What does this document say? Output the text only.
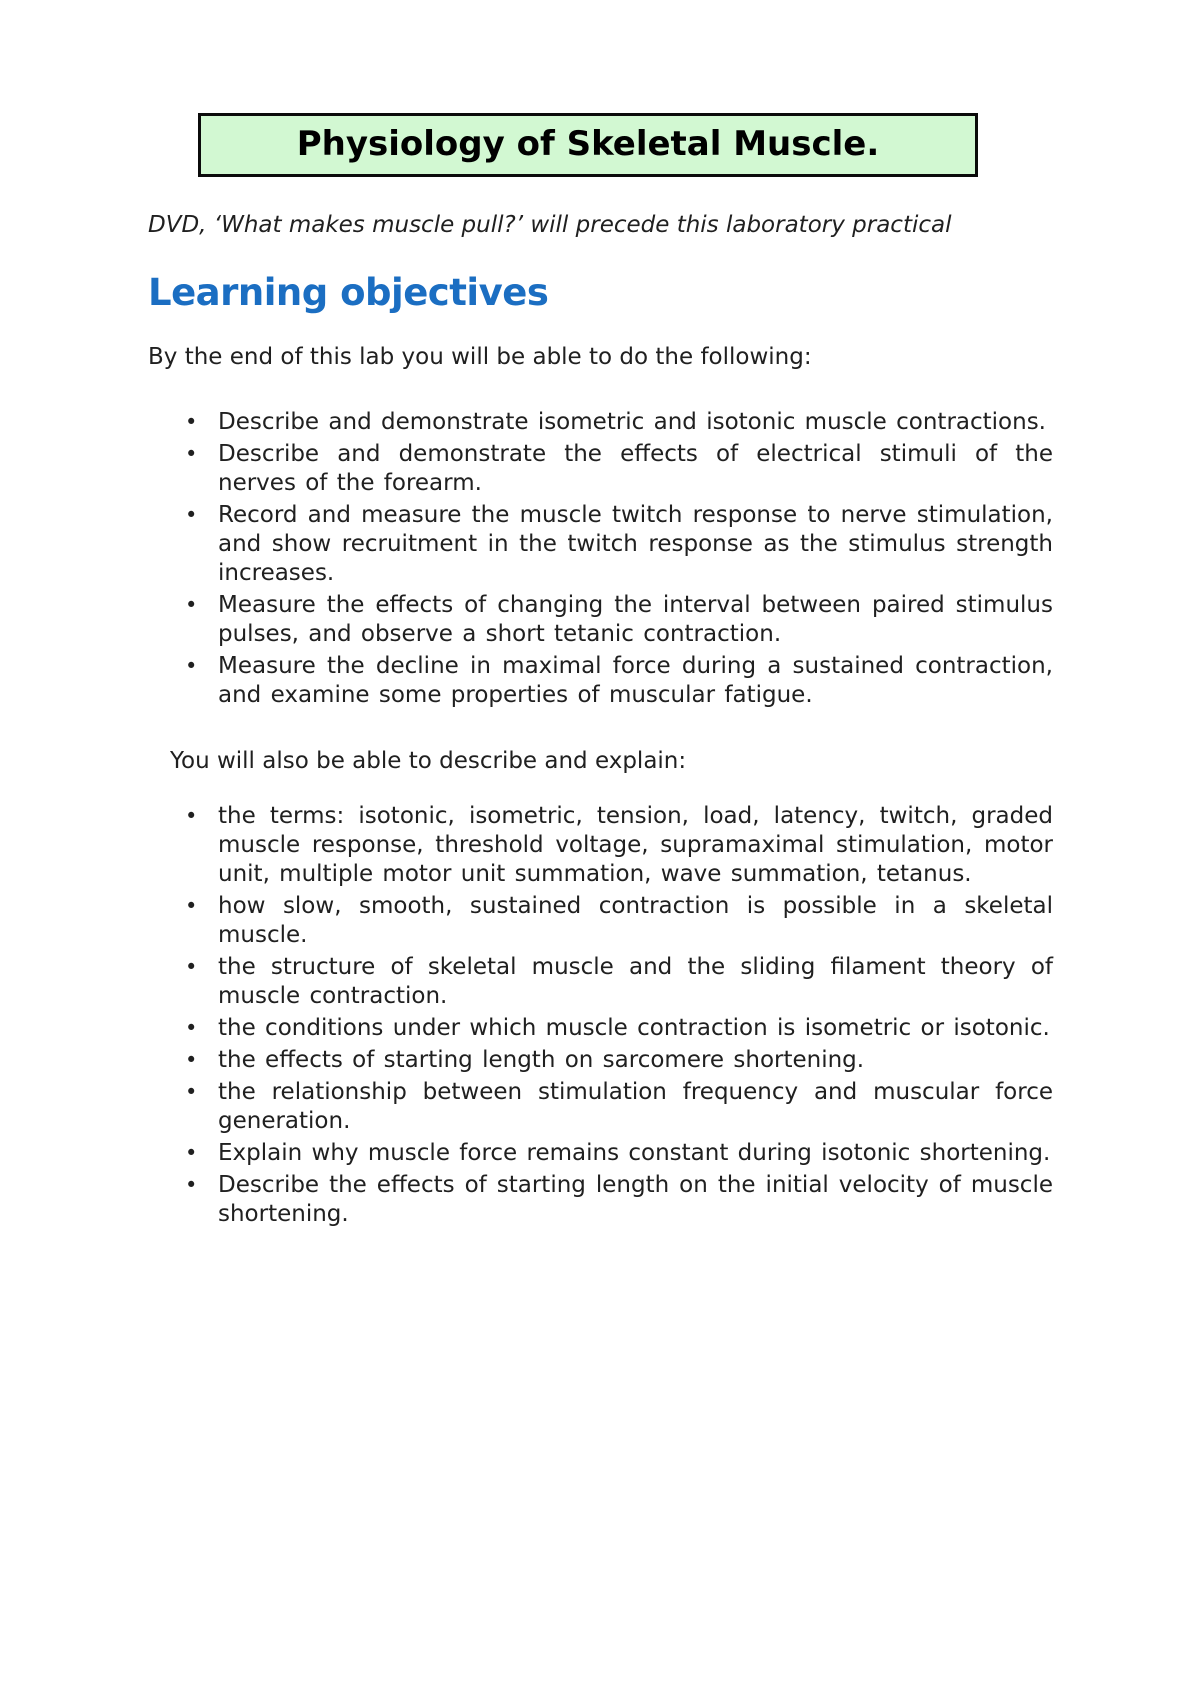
Physiology of Skeletal Muscle.

DVD, ‘What makes muscle pull?’ will precede this laboratory practical

Learning objectives

By the end of this lab you will be able to do the following:

• Describe and demonstrate isometric and isotonic muscle contractions.
• Describe and demonstrate the effects of electrical stimuli of the nerves of the forearm.
• Record and measure the muscle twitch response to nerve stimulation, and show recruitment in the twitch response as the stimulus strength increases.
• Measure the effects of changing the interval between paired stimulus pulses, and observe a short tetanic contraction.
• Measure the decline in maximal force during a sustained contraction, and examine some properties of muscular fatigue.

You will also be able to describe and explain:

• the terms: isotonic, isometric, tension, load, latency, twitch, graded muscle response, threshold voltage, supramaximal stimulation, motor unit, multiple motor unit summation, wave summation, tetanus.
• how slow, smooth, sustained contraction is possible in a skeletal muscle.
• the structure of skeletal muscle and the sliding filament theory of muscle contraction.
• the conditions under which muscle contraction is isometric or isotonic.
• the effects of starting length on sarcomere shortening.
• the relationship between stimulation frequency and muscular force generation.
• Explain why muscle force remains constant during isotonic shortening.
• Describe the effects of starting length on the initial velocity of muscle shortening.
